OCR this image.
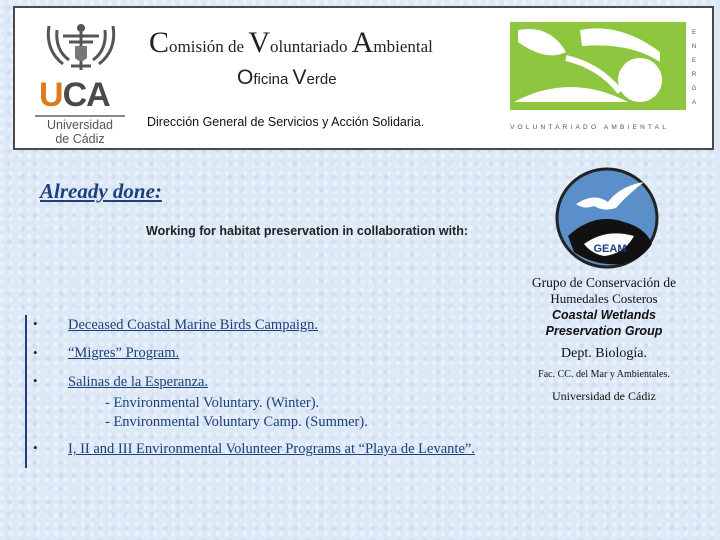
UCA
Universidad
de Cádiz
Comisión de Voluntariado Ambiental
Oficina Verde
Dirección General de Servicios y Acción Solidaria.
ENERGA
VOLUNTARIADO AMBIENTAL
Already done:
Working for habitat preservation in collaboration with:
GEAM
Grupo de Conservación de
Humedales Costeros
Coastal Wetlands
Preservation Group
Dept. Biología.
Fac. CC. del Mar y Ambientales.
Universidad de Cádiz
• Deceased Coastal Marine Birds Campaign.
• “Migres” Program.
• Salinas de la Esperanza.
- Environmental Voluntary. (Winter).
- Environmental Voluntary Camp. (Summer).
• I, II and III Environmental Volunteer Programs at “Playa de Levante”.
